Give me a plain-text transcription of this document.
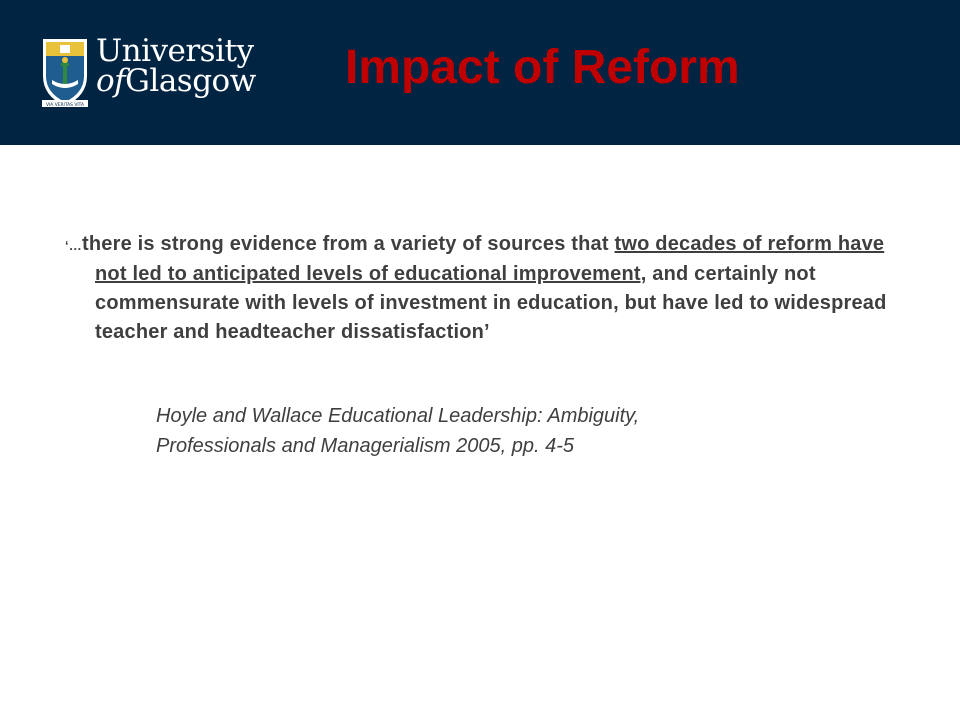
VIA VERITAS VITA
University
ofGlasgow Impact of Reform

‘…there is strong evidence from a variety of sources that two decades of reform have not led to anticipated levels of educational improvement, and certainly not commensurate with levels of investment in education, but have led to widespread teacher and headteacher dissatisfaction’

Hoyle and Wallace Educational Leadership: Ambiguity,
Professionals and Managerialism 2005, pp. 4-5
